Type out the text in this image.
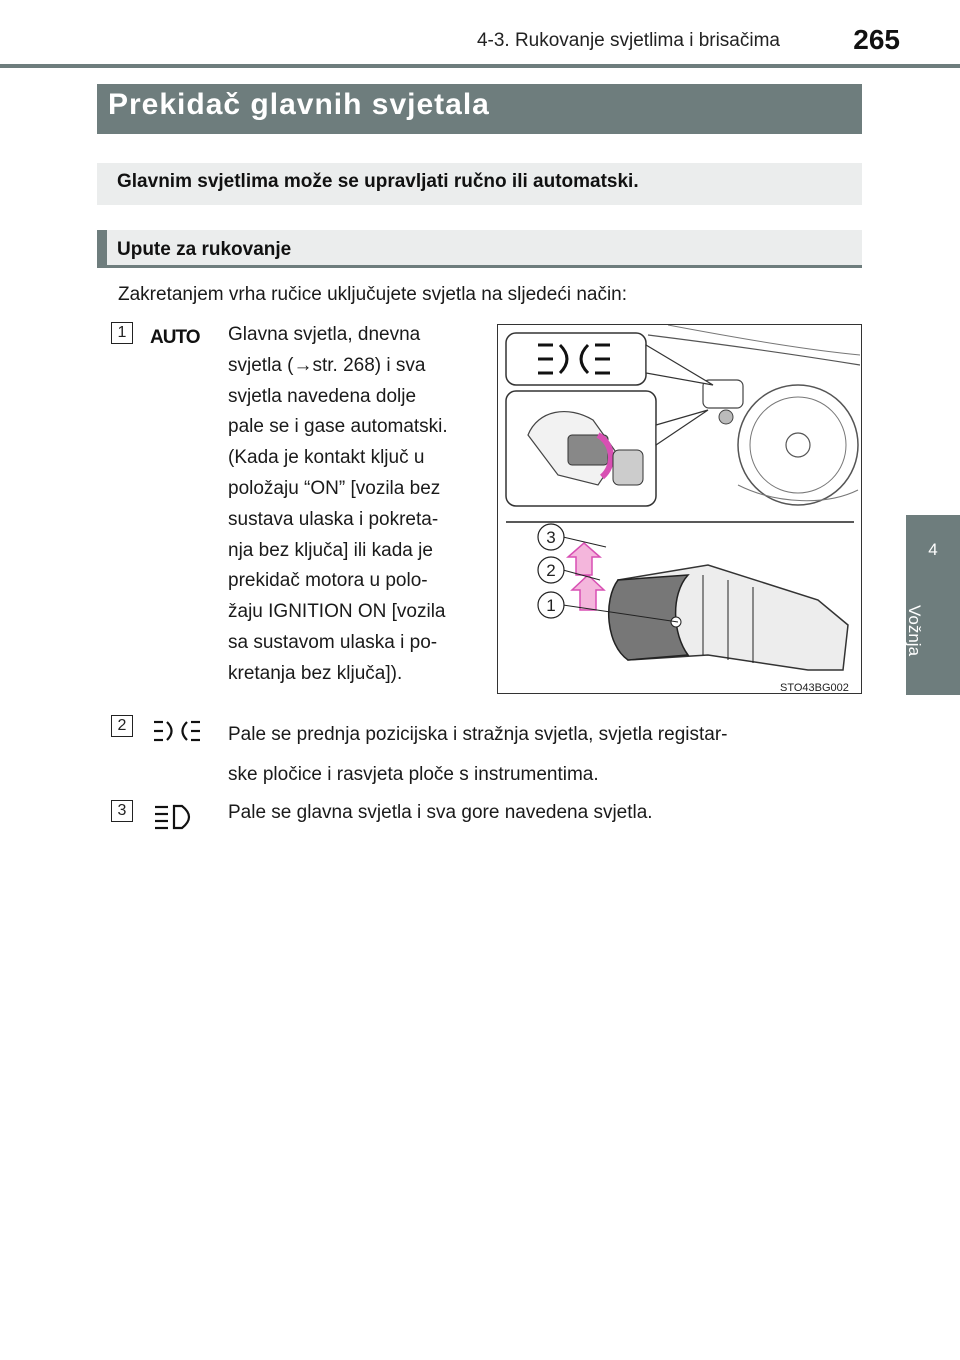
4-3. Rukovanje svjetlima i brisačima	265
4
Vožnja
Prekidač glavnih svjetala
Glavnim svjetlima može se upravljati ručno ili automatski.
Upute za rukovanje
Zakretanjem vrha ručice uključujete svjetla na sljedeći način:
1	AUTO Glavna svjetla, dnevna
svjetla (→str. 268) i sva
svjetla navedena dolje
pale se i gase automatski.
(Kada je kontakt ključ u
položaju “ON” [vozila bez
sustava ulaska i pokreta-
nja bez ključa] ili kada je
prekidač motora u polo-
žaju IGNITION ON [vozila
sa sustavom ulaska i po-
kretanja bez ključa]).
3
2
1
STO43BG002
2	Pale se prednja pozicijska i stražnja svjetla, svjetla registar-
ske pločice i rasvjeta ploče s instrumentima.
3	Pale se glavna svjetla i sva gore navedena svjetla.
